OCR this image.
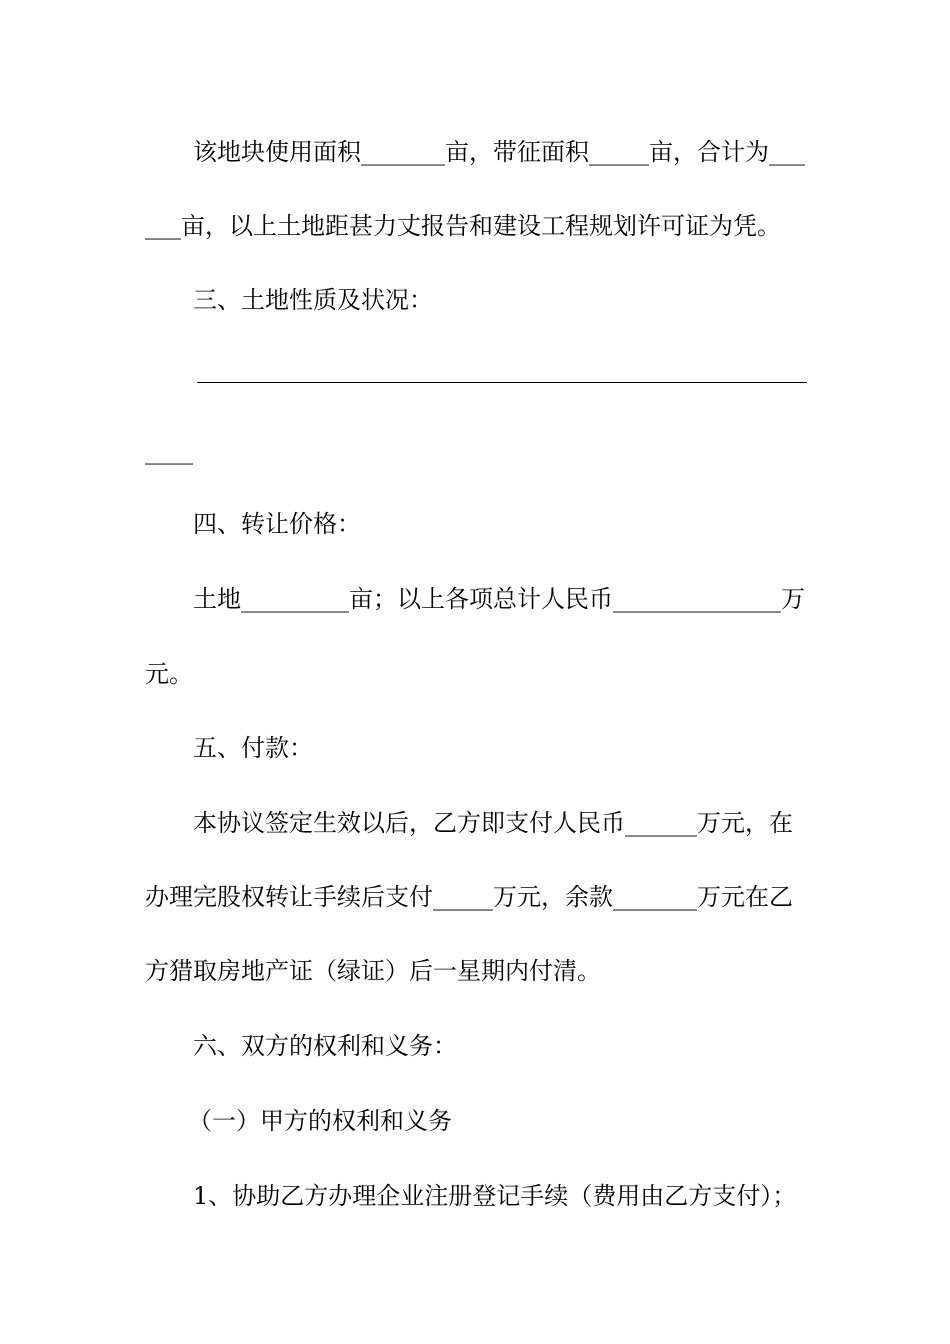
该地块使用面积_______亩，带征面积_____亩，合计为___
___亩，以上土地距甚力丈报告和建设工程规划许可证为凭。
三、土地性质及状况：
____
四、转让价格：
土地_________亩；以上各项总计人民币______________万
元。
五、付款：
本协议签定生效以后，乙方即支付人民币______万元，在
办理完股权转让手续后支付_____万元，余款_______万元在乙
方猎取房地产证（绿证）后一星期内付清。
六、双方的权利和义务：
（一）甲方的权利和义务
1、协助乙方办理企业注册登记手续（费用由乙方支付）；
